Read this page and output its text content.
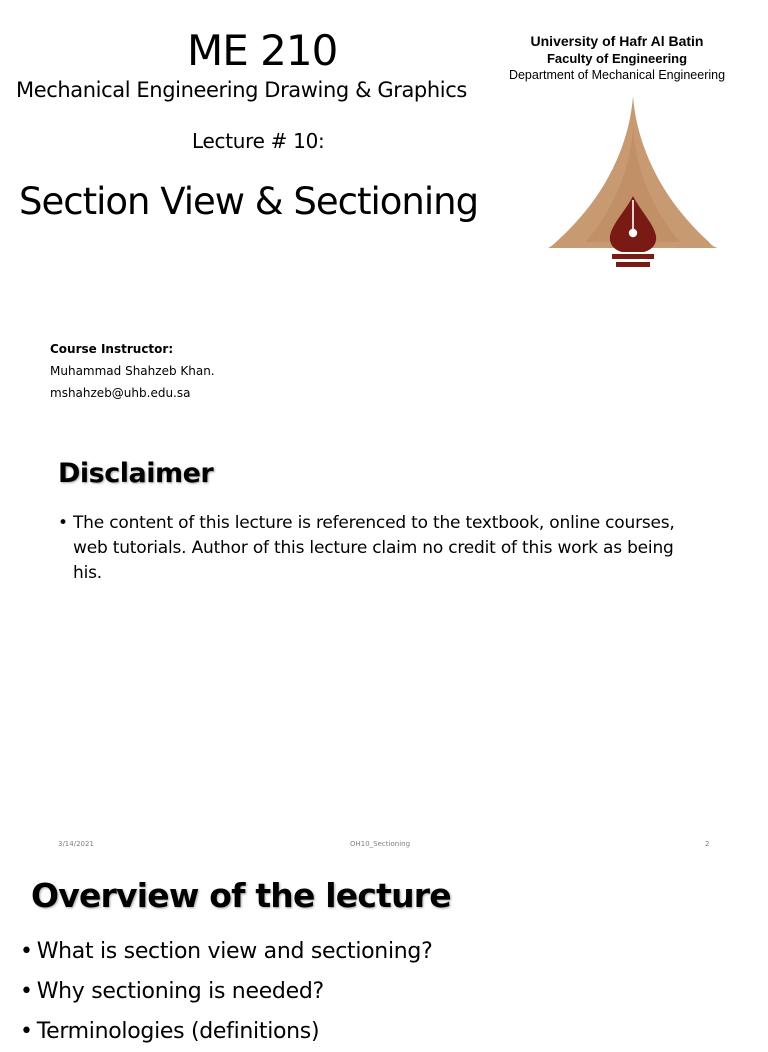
ME 210
Mechanical Engineering Drawing & Graphics
Lecture # 10:
Section View & Sectioning
University of Hafr Al Batin
Faculty of Engineering
Department of Mechanical Engineering
Course Instructor:
Muhammad Shahzeb Khan.
mshahzeb@uhb.edu.sa
Disclaimer
• The content of this lecture is referenced to the textbook, online courses, web tutorials. Author of this lecture claim no credit of this work as being his.
3/14/2021	OH10_Sectioning	2
Overview of the lecture
• What is section view and sectioning?
• Why sectioning is needed?
• Terminologies (definitions)
